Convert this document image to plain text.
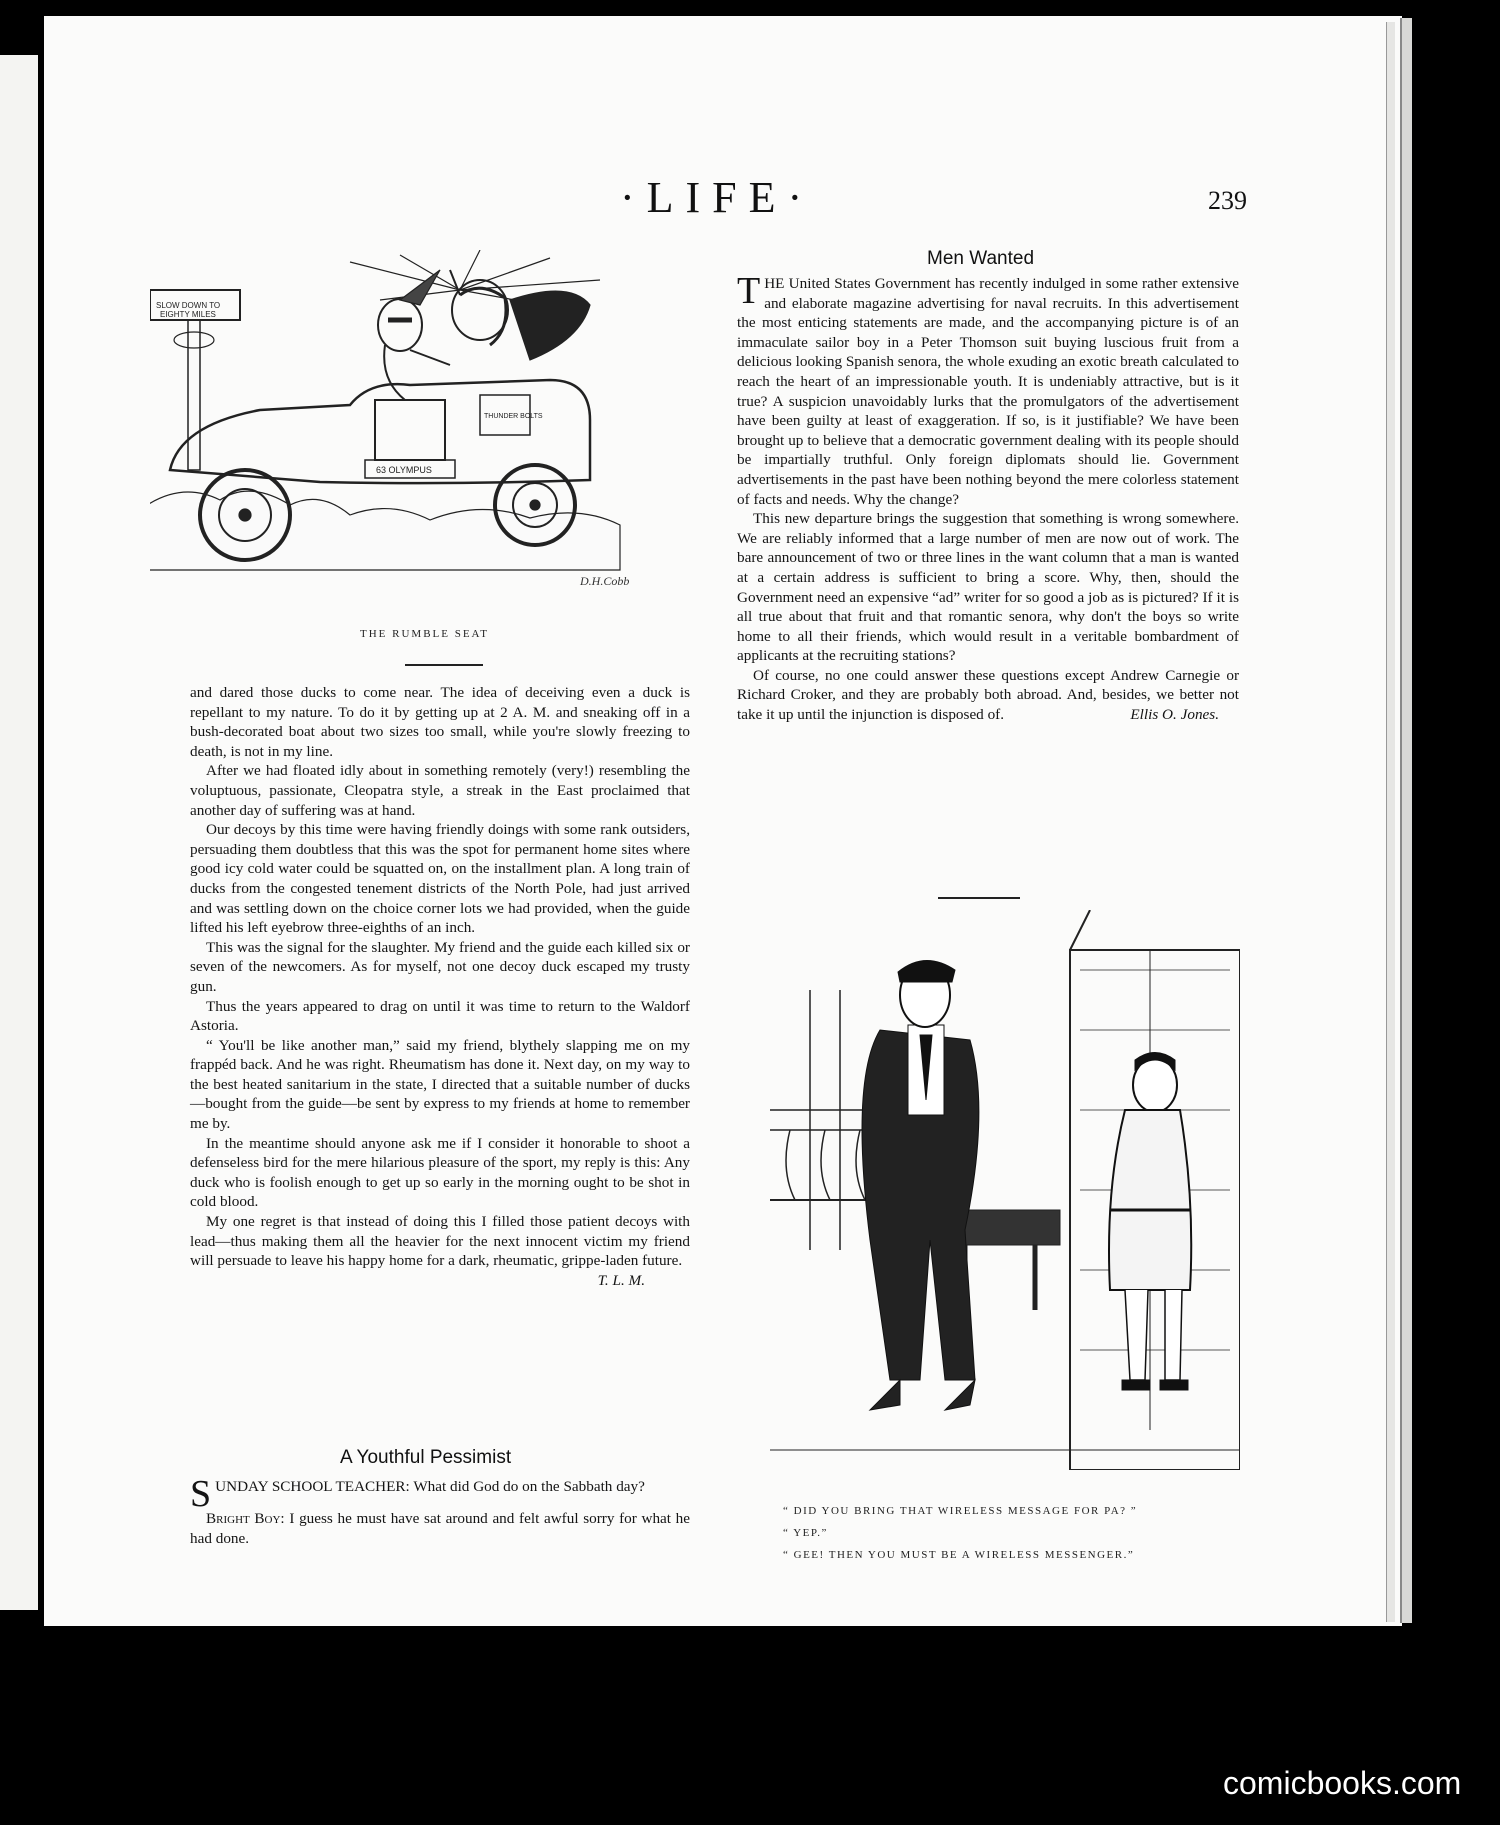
·LIFE·	239
SLOW DOWN TO
EIGHTY MILES
63 OLYMPUS
THUNDER BOLTS
D.H.Cobb
THE RUMBLE SEAT

and dared those ducks to come near. The idea of deceiving even a duck is repellant to my nature. To do it by getting up at 2 A. M. and sneaking off in a bush-decorated boat about two sizes too small, while you're slowly freezing to death, is not in my line.

After we had floated idly about in something remotely (very!) resembling the voluptuous, passionate, Cleopatra style, a streak in the East proclaimed that another day of suffering was at hand.

Our decoys by this time were having friendly doings with some rank outsiders, persuading them doubtless that this was the spot for permanent home sites where good icy cold water could be squatted on, on the installment plan. A long train of ducks from the congested tenement districts of the North Pole, had just arrived and was settling down on the choice corner lots we had provided, when the guide lifted his left eyebrow three-eighths of an inch.

This was the signal for the slaughter. My friend and the guide each killed six or seven of the newcomers. As for myself, not one decoy duck escaped my trusty gun.

Thus the years appeared to drag on until it was time to return to the Waldorf Astoria.

“ You'll be like another man,” said my friend, blythely slapping me on my frappéd back. And he was right. Rheumatism has done it. Next day, on my way to the best heated sanitarium in the state, I directed that a suitable number of ducks—bought from the guide—be sent by express to my friends at home to remember me by.

In the meantime should anyone ask me if I consider it honorable to shoot a defenseless bird for the mere hilarious pleasure of the sport, my reply is this: Any duck who is foolish enough to get up so early in the morning ought to be shot in cold blood.

My one regret is that instead of doing this I filled those patient decoys with lead—thus making them all the heavier for the next innocent victim my friend will persuade to leave his happy home for a dark, rheumatic, grippe-laden future.

T. L. M.
A Youthful Pessimist

SUNDAY SCHOOL TEACHER: What did God do on the Sabbath day?

Bright Boy: I guess he must have sat around and felt awful sorry for what he had done.

Men Wanted

THE United States Government has recently indulged in some rather extensive and elaborate magazine advertising for naval recruits. In this advertisement the most enticing statements are made, and the accompanying picture is of an immaculate sailor boy in a Peter Thomson suit buying luscious fruit from a delicious looking Spanish senora, the whole exuding an exotic breath calculated to reach the heart of an impressionable youth. It is undeniably attractive, but is it true? A suspicion unavoidably lurks that the promulgators of the advertisement have been guilty at least of exaggeration. If so, is it justifiable? We have been brought up to believe that a democratic government dealing with its people should be impartially truthful. Only foreign diplomats should lie. Government advertisements in the past have been nothing beyond the mere colorless statement of facts and needs. Why the change?

This new departure brings the suggestion that something is wrong somewhere. We are reliably informed that a large number of men are now out of work. The bare announcement of two or three lines in the want column that a man is wanted at a certain address is sufficient to bring a score. Why, then, should the Government need an expensive “ad” writer for so good a job as is pictured? If it is all true about that fruit and that romantic senora, why don't the boys so write home to all their friends, which would result in a veritable bombardment of applicants at the recruiting stations?

Of course, no one could answer these questions except Andrew Carnegie or Richard Croker, and they are probably both abroad. And, besides, we better not take it up until the injunction is disposed of.	Ellis O. Jones.

“ DID YOU BRING THAT WIRELESS MESSAGE FOR PA? ”
“ YEP.”
“ GEE! THEN YOU MUST BE A WIRELESS MESSENGER.”
comicbooks.com
